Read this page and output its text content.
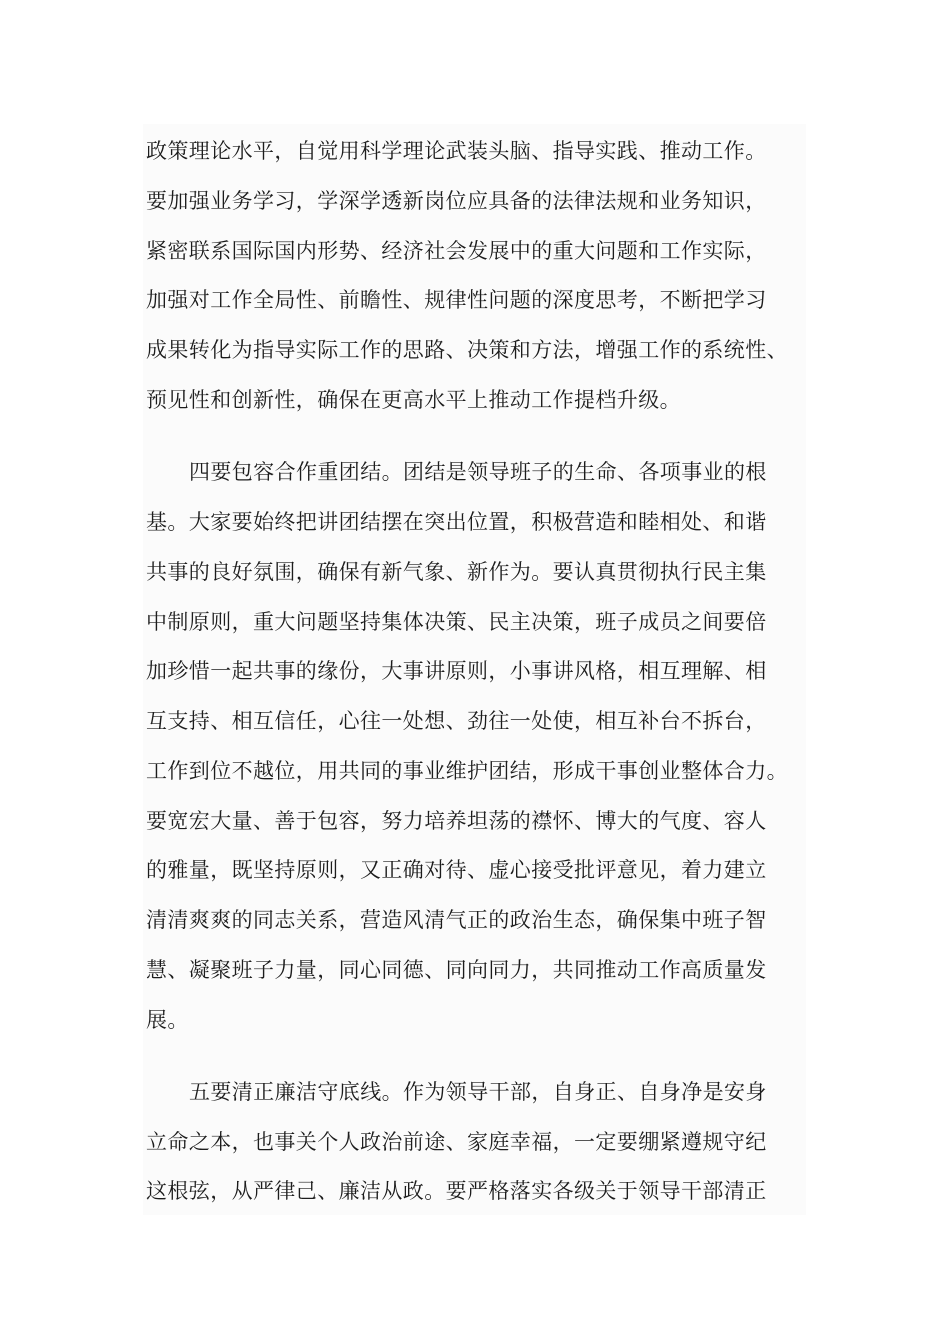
政策理论水平，自觉用科学理论武装头脑、指导实践、推动工作。
要加强业务学习，学深学透新岗位应具备的法律法规和业务知识，
紧密联系国际国内形势、经济社会发展中的重大问题和工作实际，
加强对工作全局性、前瞻性、规律性问题的深度思考，不断把学习
成果转化为指导实际工作的思路、决策和方法，增强工作的系统性、
预见性和创新性，确保在更高水平上推动工作提档升级。
四要包容合作重团结。团结是领导班子的生命、各项事业的根
基。大家要始终把讲团结摆在突出位置，积极营造和睦相处、和谐
共事的良好氛围，确保有新气象、新作为。要认真贯彻执行民主集
中制原则，重大问题坚持集体决策、民主决策，班子成员之间要倍
加珍惜一起共事的缘份，大事讲原则，小事讲风格，相互理解、相
互支持、相互信任，心往一处想、劲往一处使，相互补台不拆台，
工作到位不越位，用共同的事业维护团结，形成干事创业整体合力。
要宽宏大量、善于包容，努力培养坦荡的襟怀、博大的气度、容人
的雅量，既坚持原则，又正确对待、虚心接受批评意见，着力建立
清清爽爽的同志关系，营造风清气正的政治生态，确保集中班子智
慧、凝聚班子力量，同心同德、同向同力，共同推动工作高质量发
展。
五要清正廉洁守底线。作为领导干部，自身正、自身净是安身
立命之本，也事关个人政治前途、家庭幸福，一定要绷紧遵规守纪
这根弦，从严律己、廉洁从政。要严格落实各级关于领导干部清正
